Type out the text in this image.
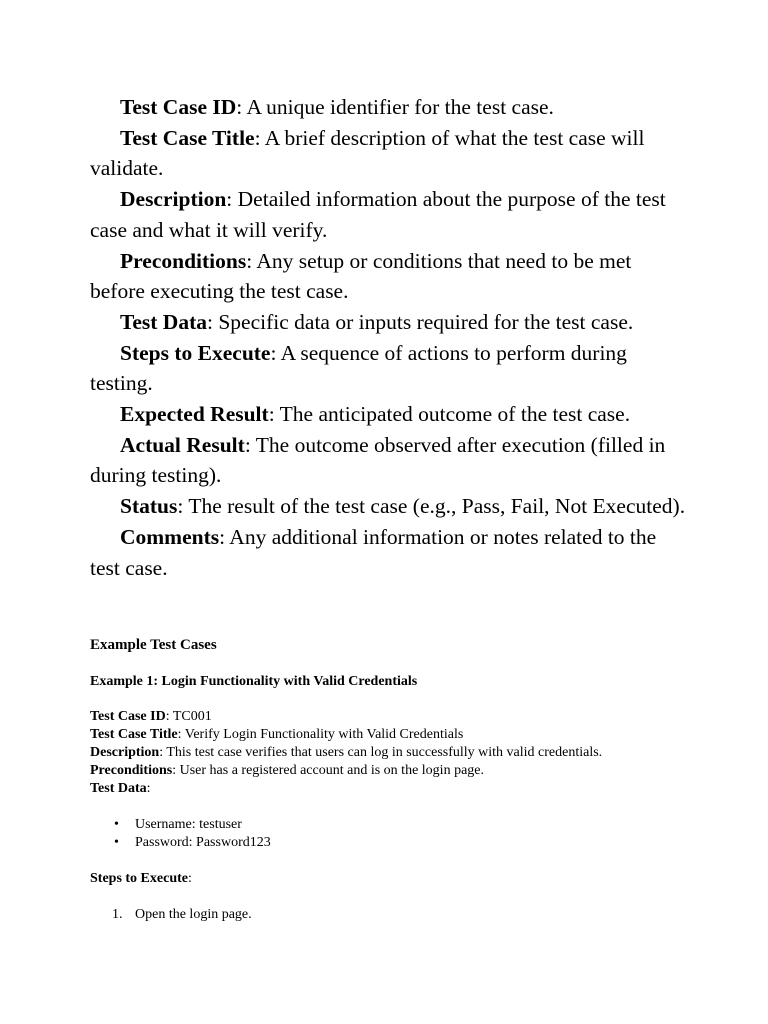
Test Case ID: A unique identifier for the test case.

Test Case Title: A brief description of what the test case will validate.

Description: Detailed information about the purpose of the test case and what it will verify.

Preconditions: Any setup or conditions that need to be met before executing the test case.

Test Data: Specific data or inputs required for the test case.

Steps to Execute: A sequence of actions to perform during testing.

Expected Result: The anticipated outcome of the test case.

Actual Result: The outcome observed after execution (filled in during testing).

Status: The result of the test case (e.g., Pass, Fail, Not Executed).

Comments: Any additional information or notes related to the test case.

Example Test Cases
Example 1: Login Functionality with Valid Credentials

Test Case ID: TC001

Test Case Title: Verify Login Functionality with Valid Credentials

Description: This test case verifies that users can log in successfully with valid credentials.

Preconditions: User has a registered account and is on the login page.

Test Data:

• Username: testuser
• Password: Password123

Steps to Execute:

1. Open the login page.
